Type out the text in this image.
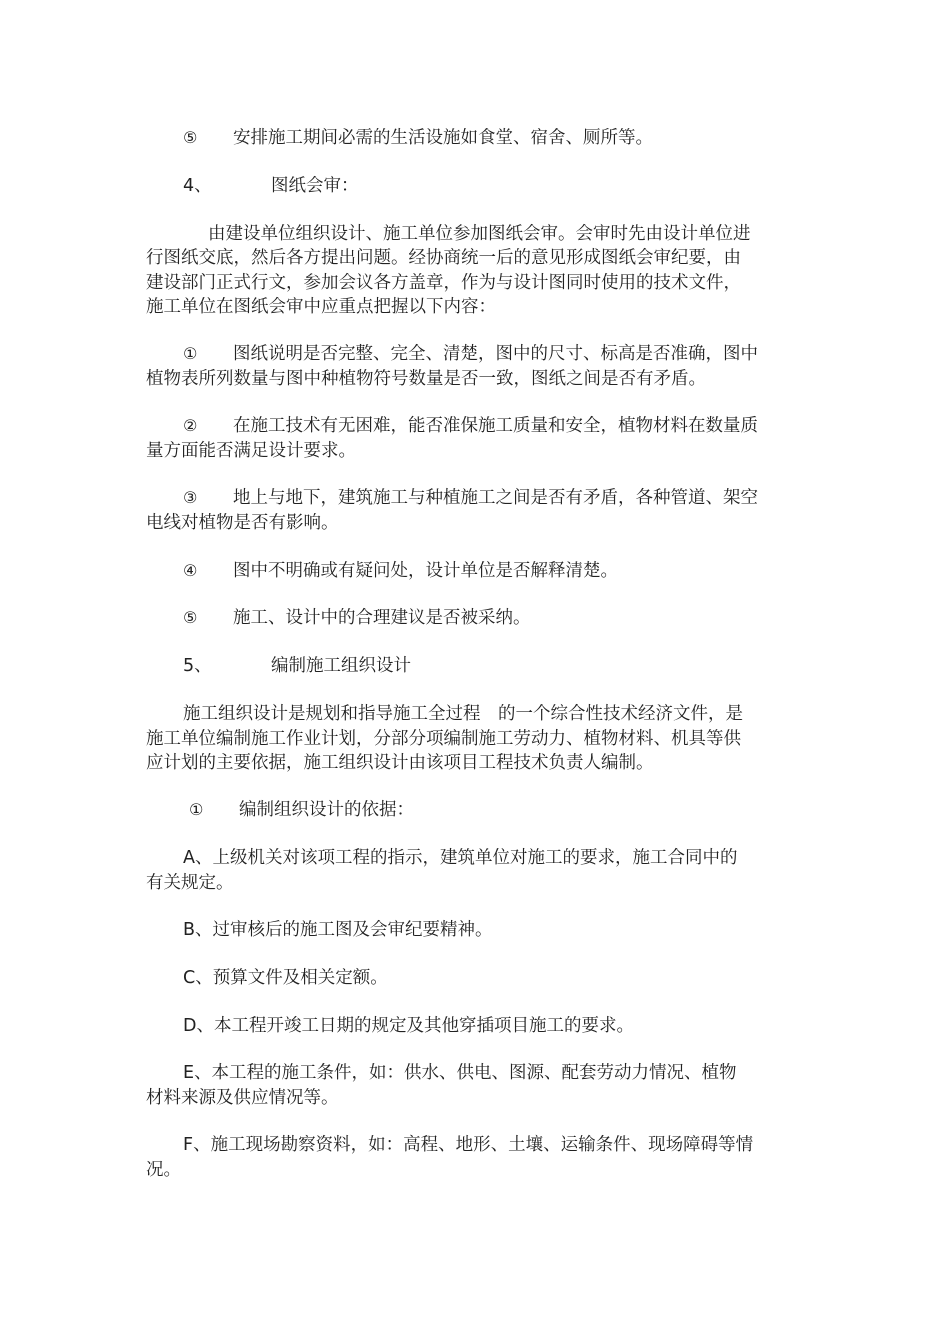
⑤ 安排施工期间必需的生活设施如食堂、宿舍、厕所等。
4、	图纸会审：
由建设单位组织设计、施工单位参加图纸会审。会审时先由设计单位进
行图纸交底，然后各方提出问题。经协商统一后的意见形成图纸会审纪要，由
建设部门正式行文，参加会议各方盖章，作为与设计图同时使用的技术文件，
施工单位在图纸会审中应重点把握以下内容：
① 图纸说明是否完整、完全、清楚，图中的尺寸、标高是否准确，图中
植物表所列数量与图中种植物符号数量是否一致，图纸之间是否有矛盾。
② 在施工技术有无困难，能否准保施工质量和安全，植物材料在数量质
量方面能否满足设计要求。
③ 地上与地下，建筑施工与种植施工之间是否有矛盾，各种管道、架空
电线对植物是否有影响。
④ 图中不明确或有疑问处，设计单位是否解释清楚。
⑤ 施工、设计中的合理建议是否被采纳。
5、	编制施工组织设计
施工组织设计是规划和指导施工全过程　的一个综合性技术经济文件，是
施工单位编制施工作业计划，分部分项编制施工劳动力、植物材料、机具等供
应计划的主要依据，施工组织设计由该项目工程技术负责人编制。
① 编制组织设计的依据：
A、上级机关对该项工程的指示，建筑单位对施工的要求，施工合同中的
有关规定。
B、过审核后的施工图及会审纪要精神。
C、预算文件及相关定额。
D、本工程开竣工日期的规定及其他穿插项目施工的要求。
E、本工程的施工条件，如：供水、供电、图源、配套劳动力情况、植物
材料来源及供应情况等。
F、施工现场勘察资料，如：高程、地形、土壤、运输条件、现场障碍等情
况。
